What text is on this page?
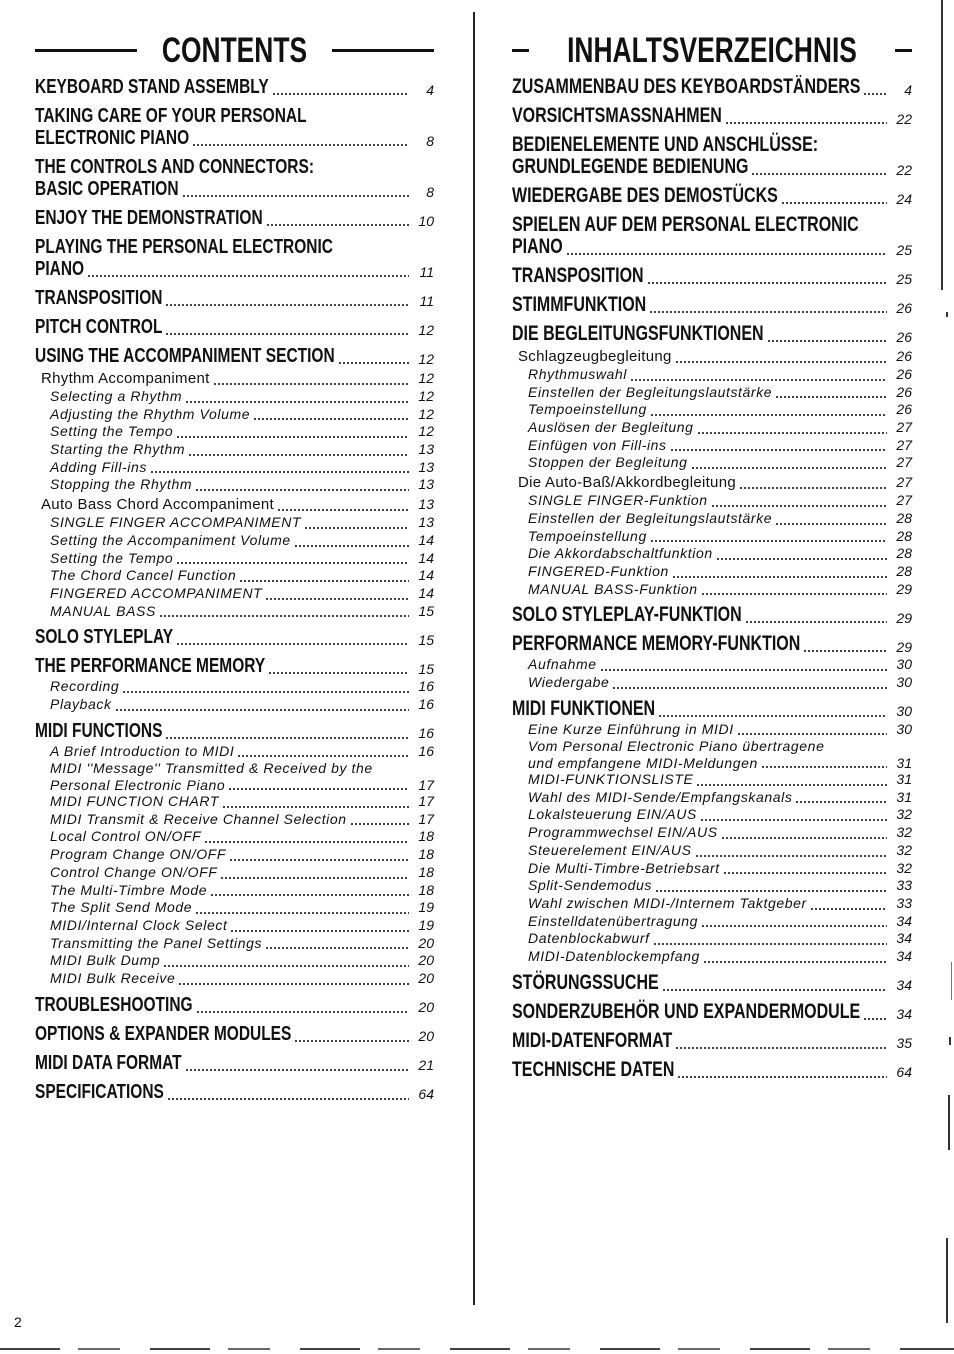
CONTENTS
KEYBOARD STAND ASSEMBLY	4
TAKING CARE OF YOUR PERSONAL
ELECTRONIC PIANO	8
THE CONTROLS AND CONNECTORS:
BASIC OPERATION	8
ENJOY THE DEMONSTRATION	10
PLAYING THE PERSONAL ELECTRONIC
PIANO	11
TRANSPOSITION	11
PITCH CONTROL	12
USING THE ACCOMPANIMENT SECTION	12
Rhythm Accompaniment	12
Selecting a Rhythm	12
Adjusting the Rhythm Volume	12
Setting the Tempo	12
Starting the Rhythm	13
Adding Fill-ins	13
Stopping the Rhythm	13
Auto Bass Chord Accompaniment	13
SINGLE FINGER ACCOMPANIMENT	13
Setting the Accompaniment Volume	14
Setting the Tempo	14
The Chord Cancel Function	14
FINGERED ACCOMPANIMENT	14
MANUAL BASS	15
SOLO STYLEPLAY	15
THE PERFORMANCE MEMORY	15
Recording	16
Playback	16
MIDI FUNCTIONS	16
A Brief Introduction to MIDI	16
MIDI ''Message'' Transmitted & Received by the
Personal Electronic Piano	17
MIDI FUNCTION CHART	17
MIDI Transmit & Receive Channel Selection	17
Local Control ON/OFF	18
Program Change ON/OFF	18
Control Change ON/OFF	18
The Multi-Timbre Mode	18
The Split Send Mode	19
MIDI/Internal Clock Select	19
Transmitting the Panel Settings	20
MIDI Bulk Dump	20
MIDI Bulk Receive	20
TROUBLESHOOTING	20
OPTIONS & EXPANDER MODULES	20
MIDI DATA FORMAT	21
SPECIFICATIONS	64
INHALTSVERZEICHNIS
ZUSAMMENBAU DES KEYBOARDSTÄNDERS	4
VORSICHTSMASSNAHMEN	22
BEDIENELEMENTE UND ANSCHLÜSSE:
GRUNDLEGENDE BEDIENUNG	22
WIEDERGABE DES DEMOSTÜCKS	24
SPIELEN AUF DEM PERSONAL ELECTRONIC
PIANO	25
TRANSPOSITION	25
STIMMFUNKTION	26
DIE BEGLEITUNGSFUNKTIONEN	26
Schlagzeugbegleitung	26
Rhythmuswahl	26
Einstellen der Begleitungslautstärke	26
Tempoeinstellung	26
Auslösen der Begleitung	27
Einfügen von Fill-ins	27
Stoppen der Begleitung	27
Die Auto-Baß/Akkordbegleitung	27
SINGLE FINGER-Funktion	27
Einstellen der Begleitungslautstärke	28
Tempoeinstellung	28
Die Akkordabschaltfunktion	28
FINGERED-Funktion	28
MANUAL BASS-Funktion	29
SOLO STYLEPLAY-FUNKTION	29
PERFORMANCE MEMORY-FUNKTION	29
Aufnahme	30
Wiedergabe	30
MIDI FUNKTIONEN	30
Eine Kurze Einführung in MIDI	30
Vom Personal Electronic Piano übertragene
und empfangene MIDI-Meldungen	31
MIDI-FUNKTIONSLISTE	31
Wahl des MIDI-Sende/Empfangskanals	31
Lokalsteuerung EIN/AUS	32
Programmwechsel EIN/AUS	32
Steuerelement EIN/AUS	32
Die Multi-Timbre-Betriebsart	32
Split-Sendemodus	33
Wahl zwischen MIDI-/Internem Taktgeber	33
Einstelldatenübertragung	34
Datenblockabwurf	34
MIDI-Datenblockempfang	34
STÖRUNGSSUCHE	34
SONDERZUBEHÖR UND EXPANDERMODULE	34
MIDI-DATENFORMAT	35
TECHNISCHE DATEN	64
2
